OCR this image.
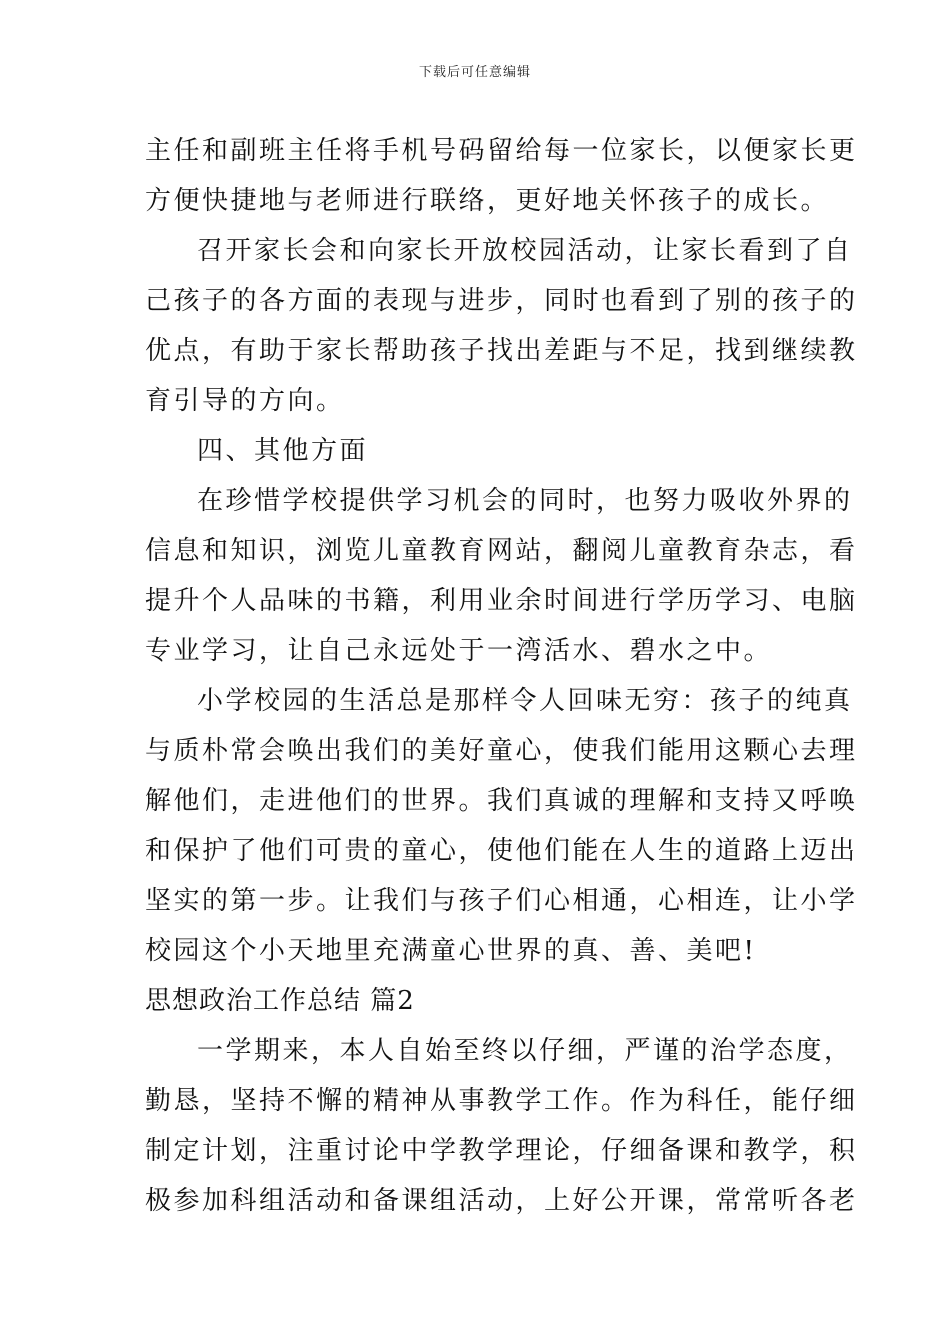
下载后可任意编辑
主任和副班主任将手机号码留给每一位家长，以便家长更
方便快捷地与老师进行联络，更好地关怀孩子的成长。
召开家长会和向家长开放校园活动，让家长看到了自
己孩子的各方面的表现与进步，同时也看到了别的孩子的
优点，有助于家长帮助孩子找出差距与不足，找到继续教
育引导的方向。
四、其他方面
在珍惜学校提供学习机会的同时，也努力吸收外界的
信息和知识，浏览儿童教育网站，翻阅儿童教育杂志，看
提升个人品味的书籍，利用业余时间进行学历学习、电脑
专业学习，让自己永远处于一湾活水、碧水之中。
小学校园的生活总是那样令人回味无穷：孩子的纯真
与质朴常会唤出我们的美好童心，使我们能用这颗心去理
解他们，走进他们的世界。我们真诚的理解和支持又呼唤
和保护了他们可贵的童心，使他们能在人生的道路上迈出
坚实的第一步。让我们与孩子们心相通，心相连，让小学
校园这个小天地里充满童心世界的真、善、美吧!
思想政治工作总结 篇2
一学期来，本人自始至终以仔细，严谨的治学态度，
勤恳，坚持不懈的精神从事教学工作。作为科任，能仔细
制定计划，注重讨论中学教学理论，仔细备课和教学，积
极参加科组活动和备课组活动，上好公开课，常常听各老
